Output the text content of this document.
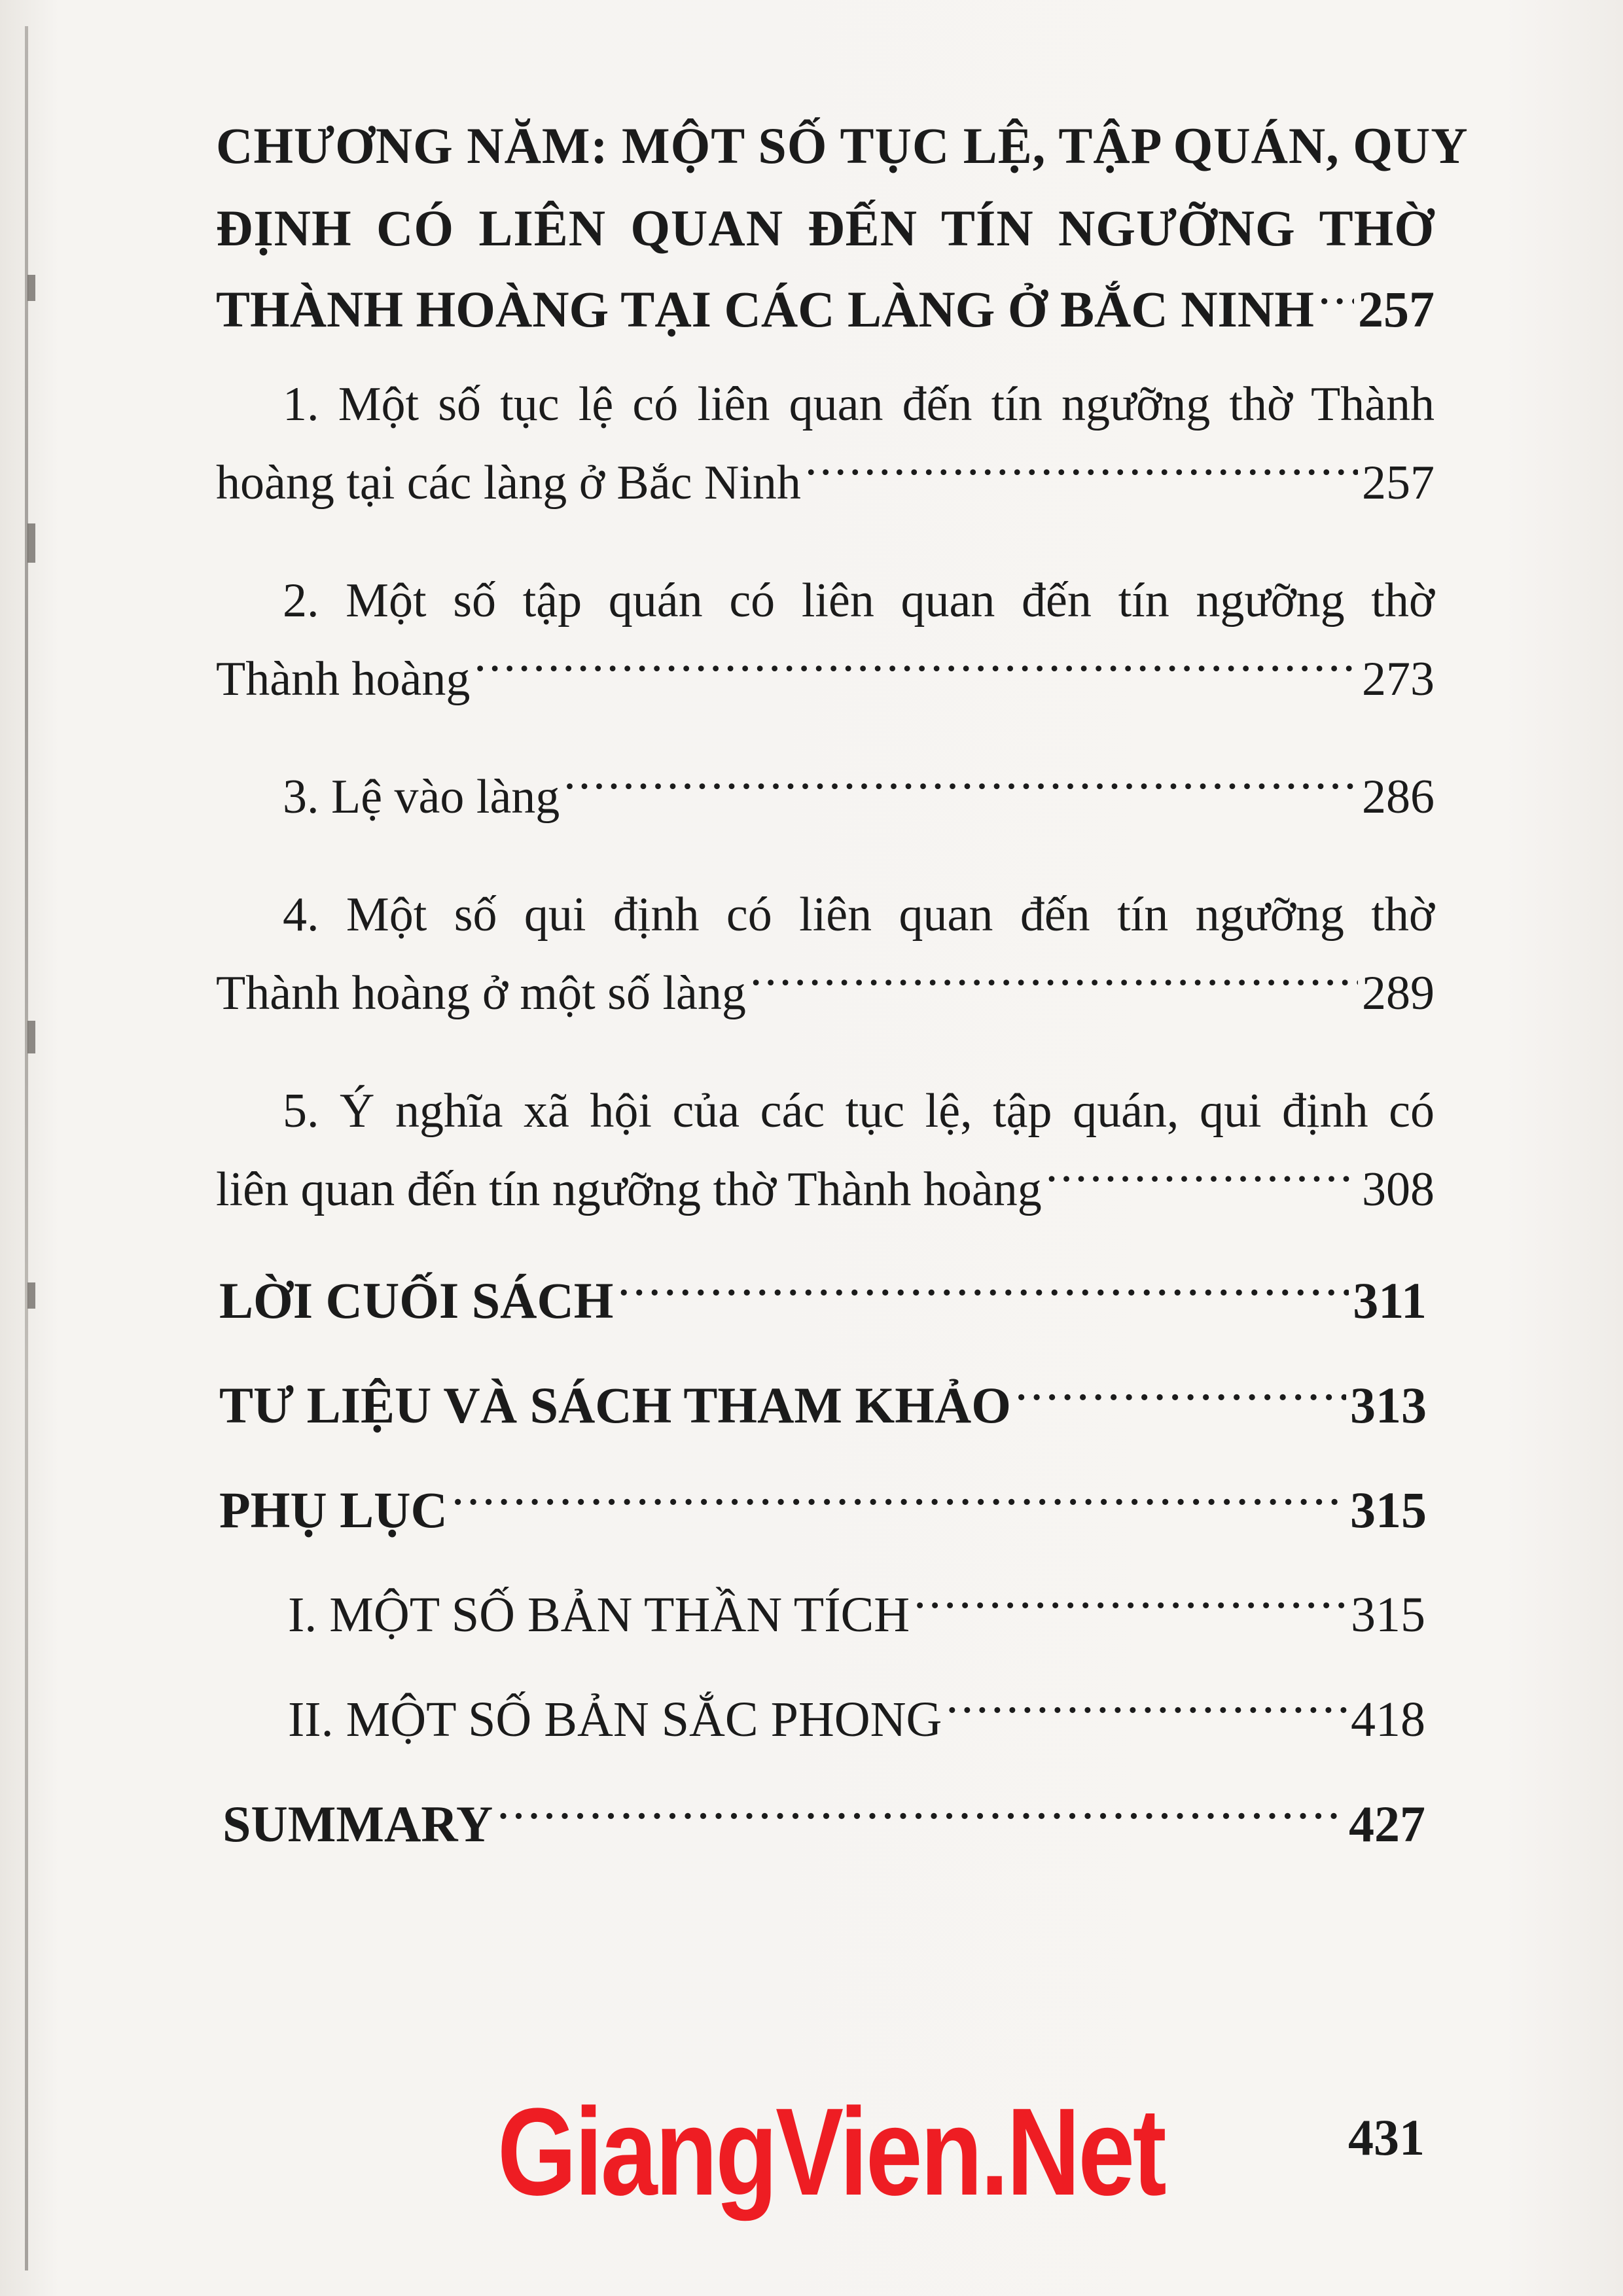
CHƯƠNG NĂM: MỘT SỐ TỤC LỆ, TẬP QUÁN, QUY
ĐỊNH CÓ LIÊN QUAN ĐẾN TÍN NGƯỠNG THỜ
THÀNH HOÀNG TẠI CÁC LÀNG Ở BẮC NINH ..... 257
1. Một số tục lệ có liên quan đến tín ngưỡng thờ Thành
hoàng tại các làng ở Bắc Ninh .....	257
2. Một số tập quán có liên quan đến tín ngưỡng thờ
Thành hoàng .....	273
3. Lệ vào làng .....	286
4. Một số qui định có liên quan đến tín ngưỡng thờ
Thành hoàng ở một số làng .....	289
5. Ý nghĩa xã hội của các tục lệ, tập quán, qui định có
liên quan đến tín ngưỡng thờ Thành hoàng .....	308
LỜI CUỐI SÁCH .....	311
TƯ LIỆU VÀ SÁCH THAM KHẢO .....	313
PHỤ LỤC .....	315
I. MỘT SỐ BẢN THẦN TÍCH .....	315
II. MỘT SỐ BẢN SẮC PHONG .....	418
SUMMARY .....	427
GiangVien.Net	431
